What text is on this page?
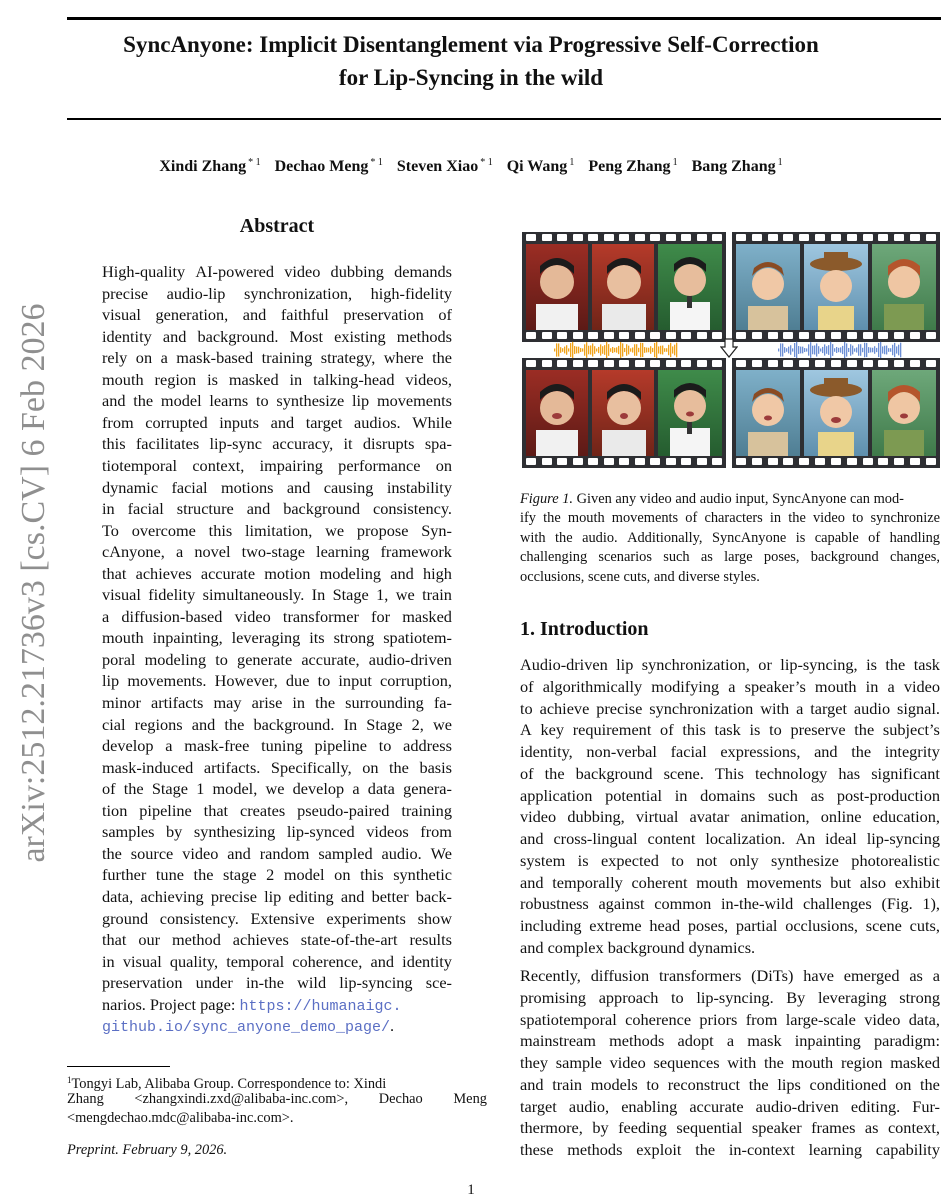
SyncAnyone: Implicit Disentanglement via Progressive Self-Correction
for Lip-Syncing in the wild
Xindi Zhang $^{* 1}$ Dechao Meng $^{* 1}$ Steven Xiao $^{* 1}$ Qi Wang $^1$ Peng Zhang $^1$ Bang Zhang $^1$
arXiv:2512.21736v3 [cs.CV] 6 Feb 2026
Abstract
High-quality AI-powered video dubbing demands
precise audio-lip synchronization, high-fidelity
visual generation, and faithful preservation of
identity and background. Most existing methods
rely on a mask-based training strategy, where the
mouth region is masked in talking-head videos,
and the model learns to synthesize lip movements
from corrupted inputs and target audios. While
this facilitates lip-sync accuracy, it disrupts spa-
tiotemporal context, impairing performance on
dynamic facial motions and causing instability
in facial structure and background consistency.
To overcome this limitation, we propose Syn-
cAnyone, a novel two-stage learning framework
that achieves accurate motion modeling and high
visual fidelity simultaneously. In Stage 1, we train
a diffusion-based video transformer for masked
mouth inpainting, leveraging its strong spatiotem-
poral modeling to generate accurate, audio-driven
lip movements. However, due to input corruption,
minor artifacts may arise in the surrounding fa-
cial regions and the background. In Stage 2, we
develop a mask-free tuning pipeline to address
mask-induced artifacts. Specifically, on the basis
of the Stage 1 model, we develop a data genera-
tion pipeline that creates pseudo-paired training
samples by synthesizing lip-synced videos from
the source video and random sampled audio. We
further tune the stage 2 model on this synthetic
data, achieving precise lip editing and better back-
ground consistency. Extensive experiments show
that our method achieves state-of-the-art results
in visual quality, temporal coherence, and identity
preservation under in-the wild lip-syncing sce-
narios. Project page: https://humanaigc.
github.io/sync_anyone_demo_page/.
$^1$Tongyi Lab, Alibaba Group. Correspondence to: Xindi
Zhang <zhangxindi.zxd@alibaba-inc.com>, Dechao Meng
<mengdechao.mdc@alibaba-inc.com>.
Preprint. February 9, 2026.
1
Figure 1. Given any video and audio input, SyncAnyone can mod-
ify the mouth movements of characters in the video to synchronize
with the audio. Additionally, SyncAnyone is capable of handling
challenging scenarios such as large poses, background changes,
occlusions, scene cuts, and diverse styles.
1. Introduction
Audio-driven lip synchronization, or lip-syncing, is the task
of algorithmically modifying a speaker’s mouth in a video
to achieve precise synchronization with a target audio signal.
A key requirement of this task is to preserve the subject’s
identity, non-verbal facial expressions, and the integrity
of the background scene. This technology has significant
application potential in domains such as post-production
video dubbing, virtual avatar animation, online education,
and cross-lingual content localization. An ideal lip-syncing
system is expected to not only synthesize photorealistic
and temporally coherent mouth movements but also exhibit
robustness against common in-the-wild challenges (Fig. 1),
including extreme head poses, partial occlusions, scene cuts,
and complex background dynamics.
Recently, diffusion transformers (DiTs) have emerged as a
promising approach to lip-syncing. By leveraging strong
spatiotemporal coherence priors from large-scale video data,
mainstream methods adopt a mask inpainting paradigm:
they sample video sequences with the mouth region masked
and train models to reconstruct the lips conditioned on the
target audio, enabling accurate audio-driven editing. Fur-
thermore, by feeding sequential speaker frames as context,
these methods exploit the in-context learning capability
